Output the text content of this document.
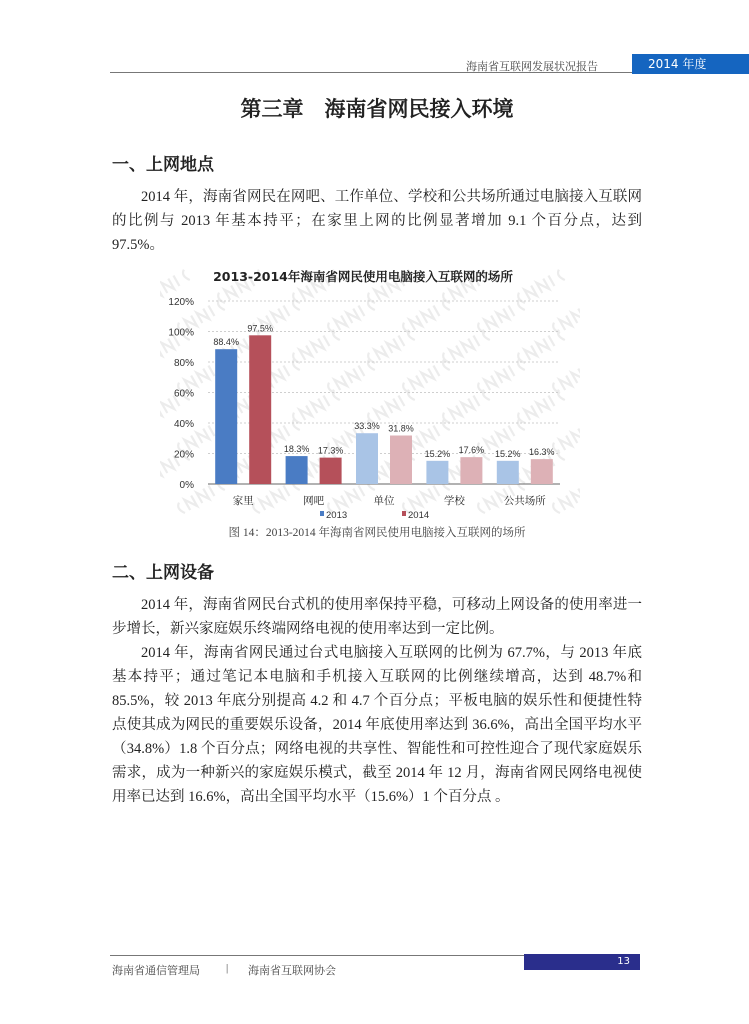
海南省互联网发展状况报告	2014 年度
第三章　海南省网民接入环境
一、上网地点

2014 年，海南省网民在网吧、工作单位、学校和公共场所通过电脑接入互联网的比例与 2013 年基本持平；在家里上网的比例显著增加 9.1 个百分点，达到 97.5%。

2013-2014年海南省网民使用电脑接入互联网的场所
88.4%
97.5%
18.3% 17.3%
33.3% 31.8%
15.2% 17.6% 15.2% 16.3%
0%
20%
40%
60%
80%
100%
120%
家里	网吧	单位	学校	公共场所
2013	2014
图 14：2013-2014 年海南省网民使用电脑接入互联网的场所
二、上网设备

2014 年，海南省网民台式机的使用率保持平稳，可移动上网设备的使用率进一步增长，新兴家庭娱乐终端网络电视的使用率达到一定比例。

2014 年，海南省网民通过台式电脑接入互联网的比例为 67.7%，与 2013 年底基本持平；通过笔记本电脑和手机接入互联网的比例继续增高，达到 48.7%和 85.5%，较 2013 年底分别提高 4.2 和 4.7 个百分点；平板电脑的娱乐性和便捷性特点使其成为网民的重要娱乐设备，2014 年底使用率达到 36.6%，高出全国平均水平（34.8%）1.8 个百分点；网络电视的共享性、智能性和可控性迎合了现代家庭娱乐需求，成为一种新兴的家庭娱乐模式，截至 2014 年 12 月，海南省网民网络电视使用率已达到 16.6%，高出全国平均水平（15.6%）1 个百分点 。

13
海南省通信管理局 | 海南省互联网协会
